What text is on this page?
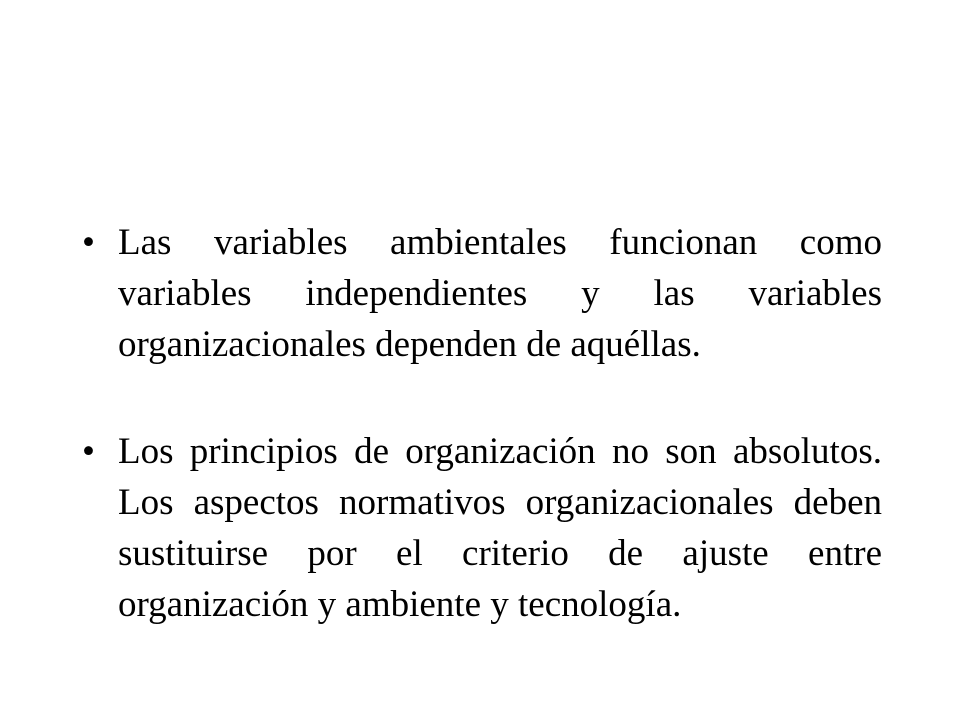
• Las variables ambientales funcionan como variables independientes y las variables organizacionales dependen de aquéllas.
• Los principios de organización no son absolutos. Los aspectos normativos organizacionales deben sustituirse por el criterio de ajuste entre organización y ambiente y tecnología.
